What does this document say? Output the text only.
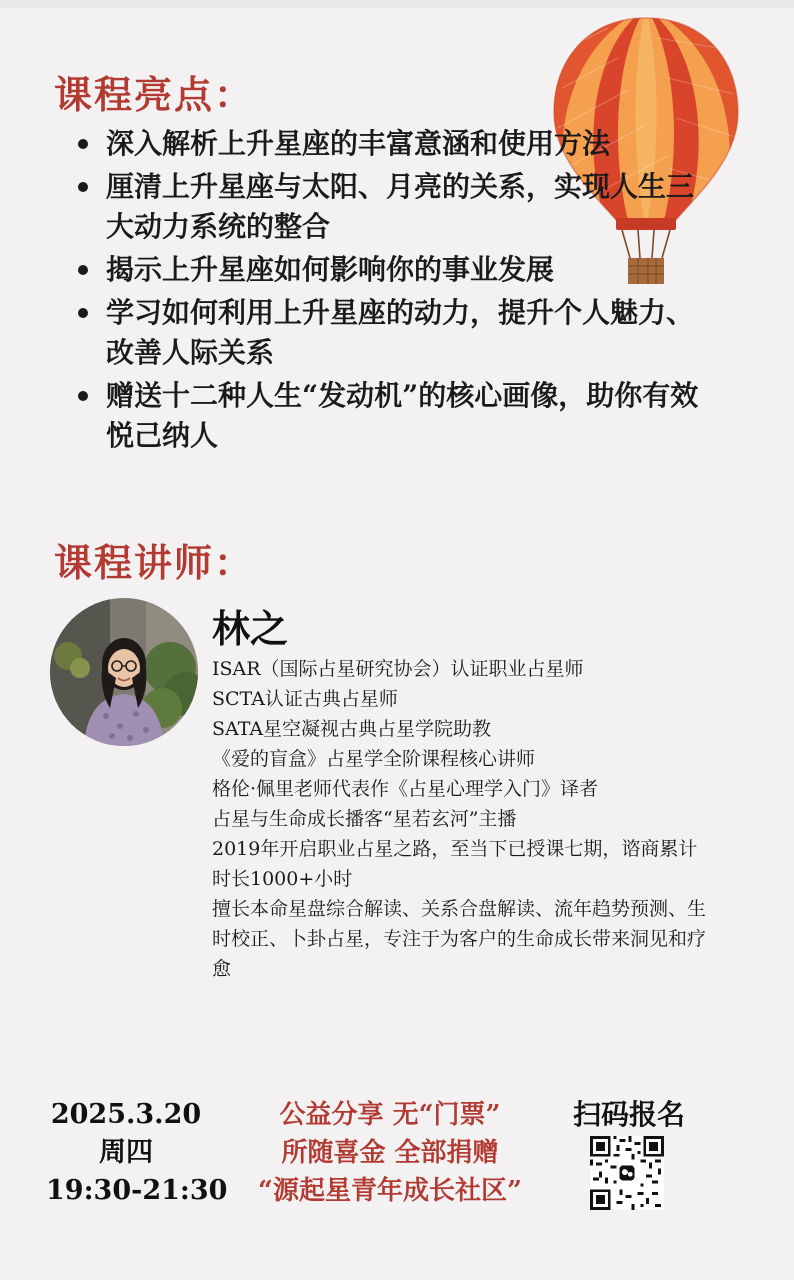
课程亮点：
深入解析上升星座的丰富意涵和使用方法
厘清上升星座与太阳、月亮的关系，实现人生三大动力系统的整合
揭示上升星座如何影响你的事业发展
学习如何利用上升星座的动力，提升个人魅力、改善人际关系
赠送十二种人生“发动机”的核心画像，助你有效悦己纳人
课程讲师：
林之
ISAR（国际占星研究协会）认证职业占星师
SCTA认证古典占星师
SATA星空凝视古典占星学院助教
《爱的盲盒》占星学全阶课程核心讲师
格伦·佩里老师代表作《占星心理学入门》译者
占星与生命成长播客“星若玄河”主播
2019年开启职业占星之路，至当下已授课七期，谘商累计时长1000+小时
擅长本命星盘综合解读、关系合盘解读、流年趋势预测、生时校正、卜卦占星，专注于为客户的生命成长带来洞见和疗愈
2025.3.20
周四
19:30-21:30
公益分享 无“门票”
所随喜金 全部捐赠
“源起星青年成长社区”
扫码报名
